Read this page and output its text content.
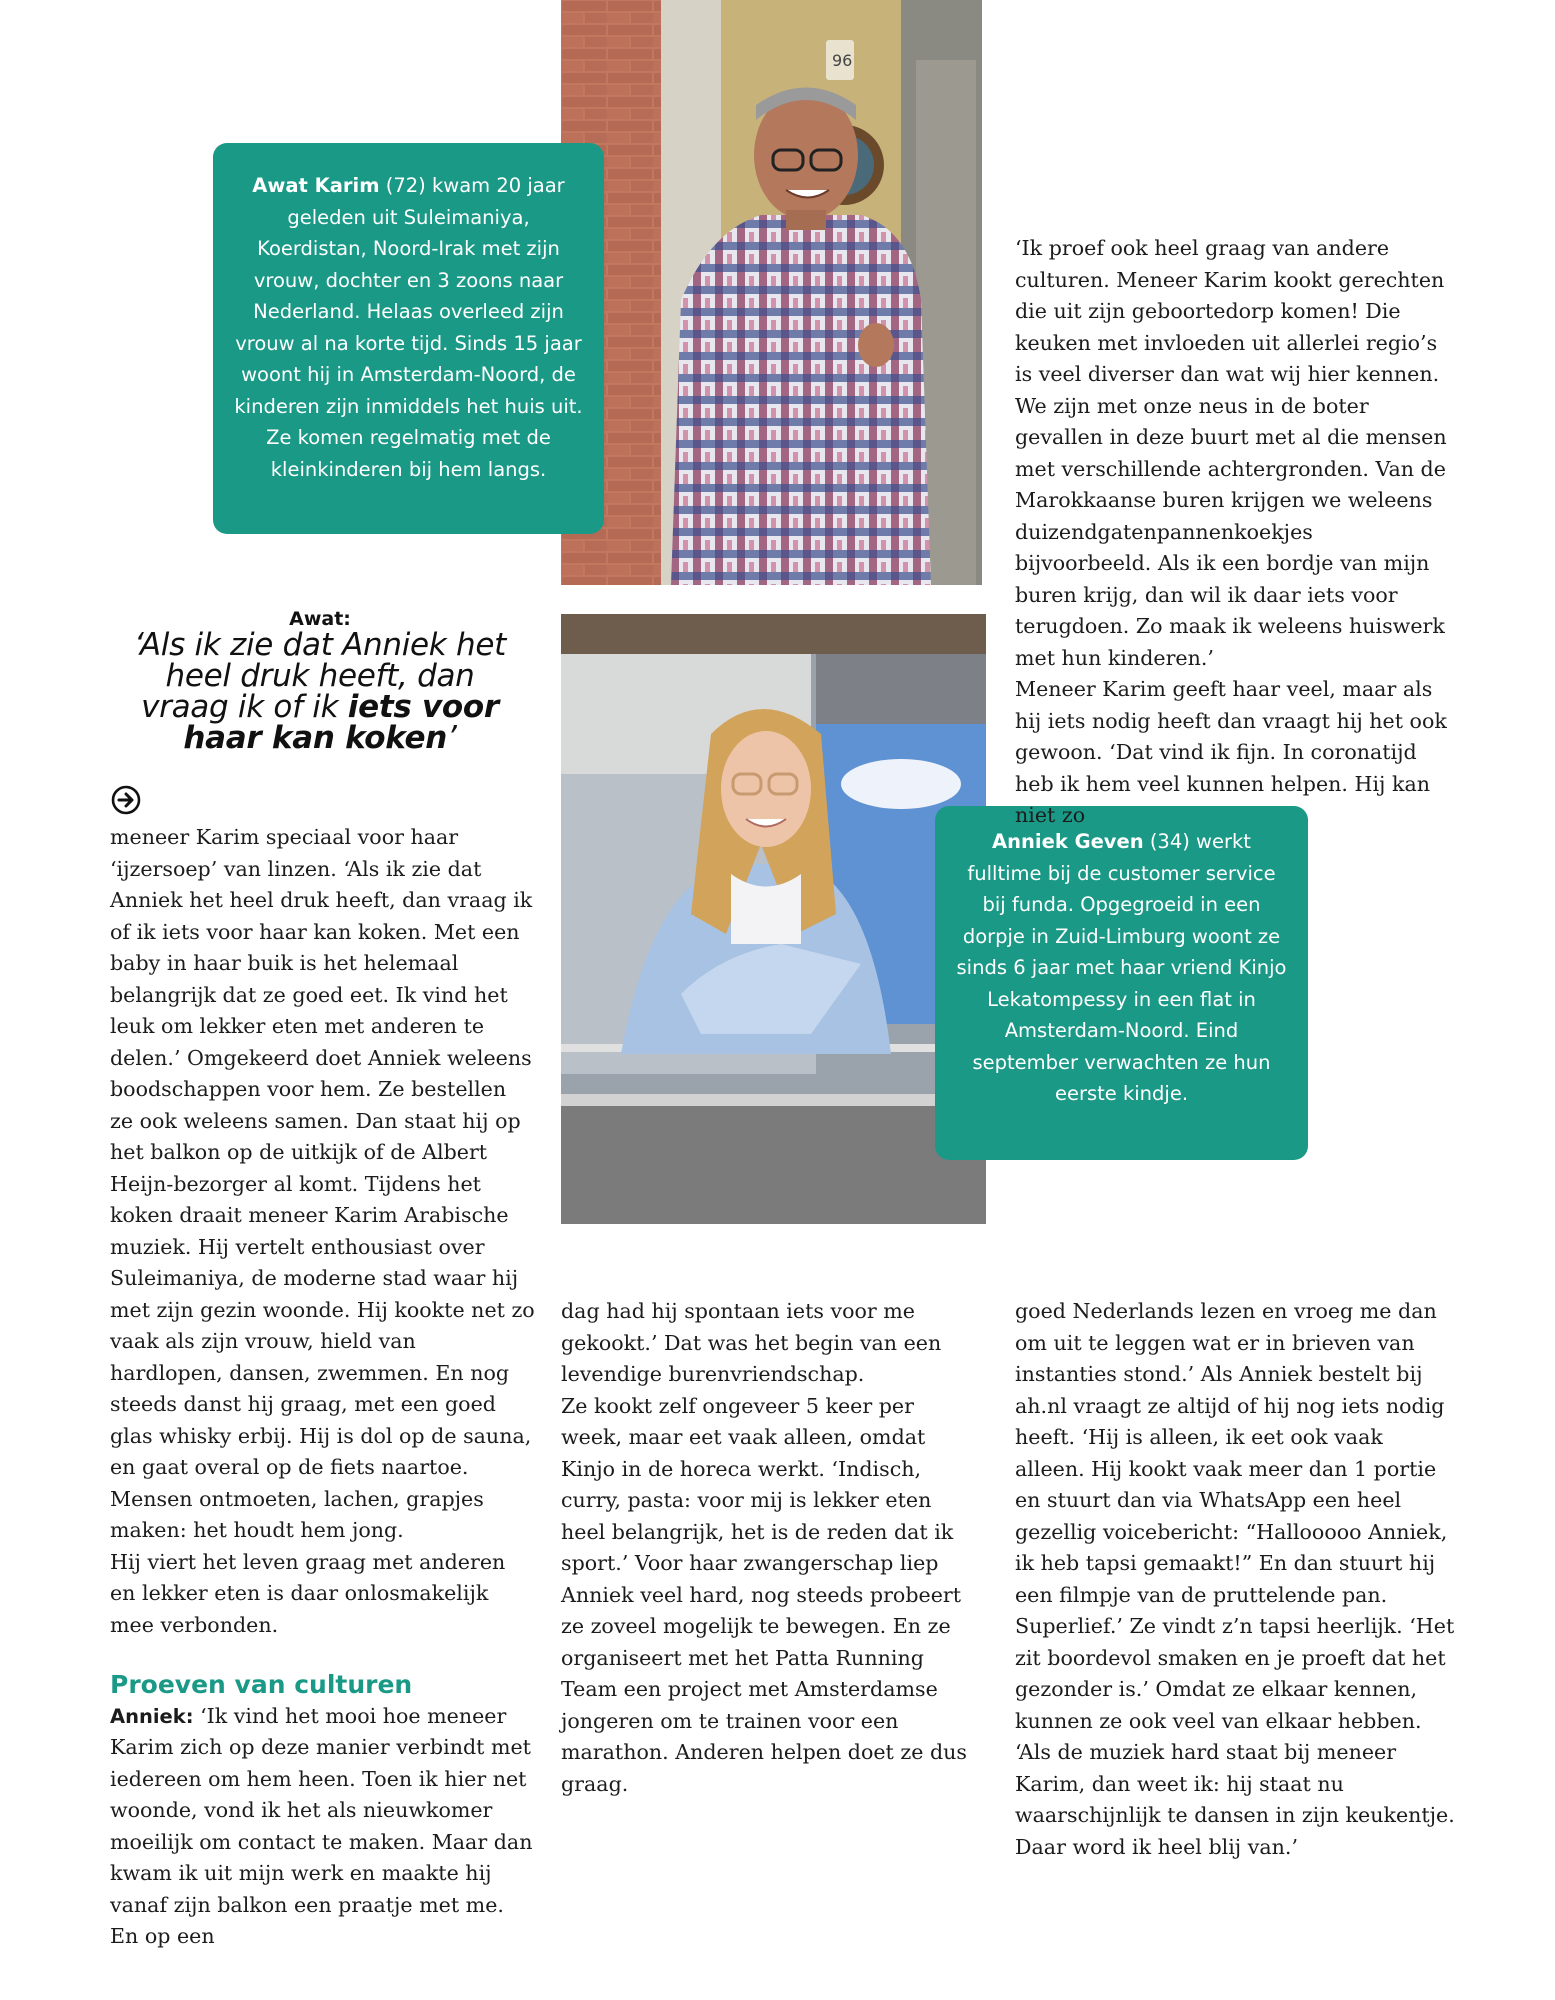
96
Awat Karim (72) kwam 20 jaar geleden uit Suleimaniya, Koerdistan, Noord-Irak met zijn vrouw, dochter en 3 zoons naar Nederland. Helaas overleed zijn vrouw al na korte tijd. Sinds 15 jaar woont hij in Amsterdam-Noord, de kinderen zijn inmiddels het huis uit. Ze komen regelmatig met de kleinkinderen bij hem langs.
Awat:
‘Als ik zie dat Anniek het heel druk heeft, dan vraag ik of ik iets voor haar kan koken’

meneer Karim speciaal voor haar ‘ijzersoep’ van linzen. ‘Als ik zie dat Anniek het heel druk heeft, dan vraag ik of ik iets voor haar kan koken. Met een baby in haar buik is het helemaal belangrijk dat ze goed eet. Ik vind het leuk om lekker eten met anderen te delen.’ Omgekeerd doet Anniek weleens boodschappen voor hem. Ze bestellen ze ook weleens samen. Dan staat hij op het balkon op de uitkijk of de Albert Heijn-bezorger al komt. Tijdens het koken draait meneer Karim Arabische muziek. Hij vertelt enthousiast over Suleimaniya, de moderne stad waar hij met zijn gezin woonde. Hij kookte net zo vaak als zijn vrouw, hield van hardlopen, dansen, zwemmen. En nog steeds danst hij graag, met een goed glas whisky erbij. Hij is dol op de sauna, en gaat overal op de fiets naartoe. Mensen ontmoeten, lachen, grapjes maken: het houdt hem jong.

Hij viert het leven graag met anderen en lekker eten is daar onlosmakelijk mee verbonden.

Proeven van culturen

Anniek: ‘Ik vind het mooi hoe meneer Karim zich op deze manier verbindt met iedereen om hem heen. Toen ik hier net woonde, vond ik het als nieuwkomer moeilijk om contact te maken. Maar dan kwam ik uit mijn werk en maakte hij vanaf zijn balkon een praatje met me. En op een

Anniek Geven (34) werkt fulltime bij de customer service bij funda. Opgegroeid in een dorpje in Zuid-Limburg woont ze sinds 6 jaar met haar vriend Kinjo Lekatompessy in een flat in Amsterdam-Noord. Eind september verwachten ze hun eerste kindje.

dag had hij spontaan iets voor me gekookt.’ Dat was het begin van een levendige burenvriendschap.

Ze kookt zelf ongeveer 5 keer per week, maar eet vaak alleen, omdat Kinjo in de horeca werkt. ‘Indisch, curry, pasta: voor mij is lekker eten heel belangrijk, het is de reden dat ik sport.’ Voor haar zwangerschap liep Anniek veel hard, nog steeds probeert ze zoveel mogelijk te bewegen. En ze organiseert met het Patta Running Team een project met Amsterdamse jongeren om te trainen voor een marathon. Anderen helpen doet ze dus graag.

‘Ik proef ook heel graag van andere culturen. Meneer Karim kookt gerechten die uit zijn geboortedorp komen! Die keuken met invloeden uit allerlei regio’s is veel diverser dan wat wij hier kennen. We zijn met onze neus in de boter gevallen in deze buurt met al die mensen met verschillende achtergronden. Van de Marokkaanse buren krijgen we weleens duizendgatenpannenkoekjes bijvoorbeeld. Als ik een bordje van mijn buren krijg, dan wil ik daar iets voor terugdoen. Zo maak ik weleens huiswerk met hun kinderen.’

Meneer Karim geeft haar veel, maar als hij iets nodig heeft dan vraagt hij het ook gewoon. ‘Dat vind ik fijn. In coronatijd heb ik hem veel kunnen helpen. Hij kan niet zo

goed Nederlands lezen en vroeg me dan om uit te leggen wat er in brieven van instanties stond.’ Als Anniek bestelt bij ah.nl vraagt ze altijd of hij nog iets nodig heeft. ‘Hij is alleen, ik eet ook vaak alleen. Hij kookt vaak meer dan 1 portie en stuurt dan via WhatsApp een heel gezellig voicebericht: “Hallooooo Anniek, ik heb tapsi gemaakt!” En dan stuurt hij een filmpje van de pruttelende pan. Superlief.’ Ze vindt z’n tapsi heerlijk. ‘Het zit boordevol smaken en je proeft dat het gezonder is.’ Omdat ze elkaar kennen, kunnen ze ook veel van elkaar hebben. ‘Als de muziek hard staat bij meneer Karim, dan weet ik: hij staat nu waarschijnlijk te dansen in zijn keukentje. Daar word ik heel blij van.’
